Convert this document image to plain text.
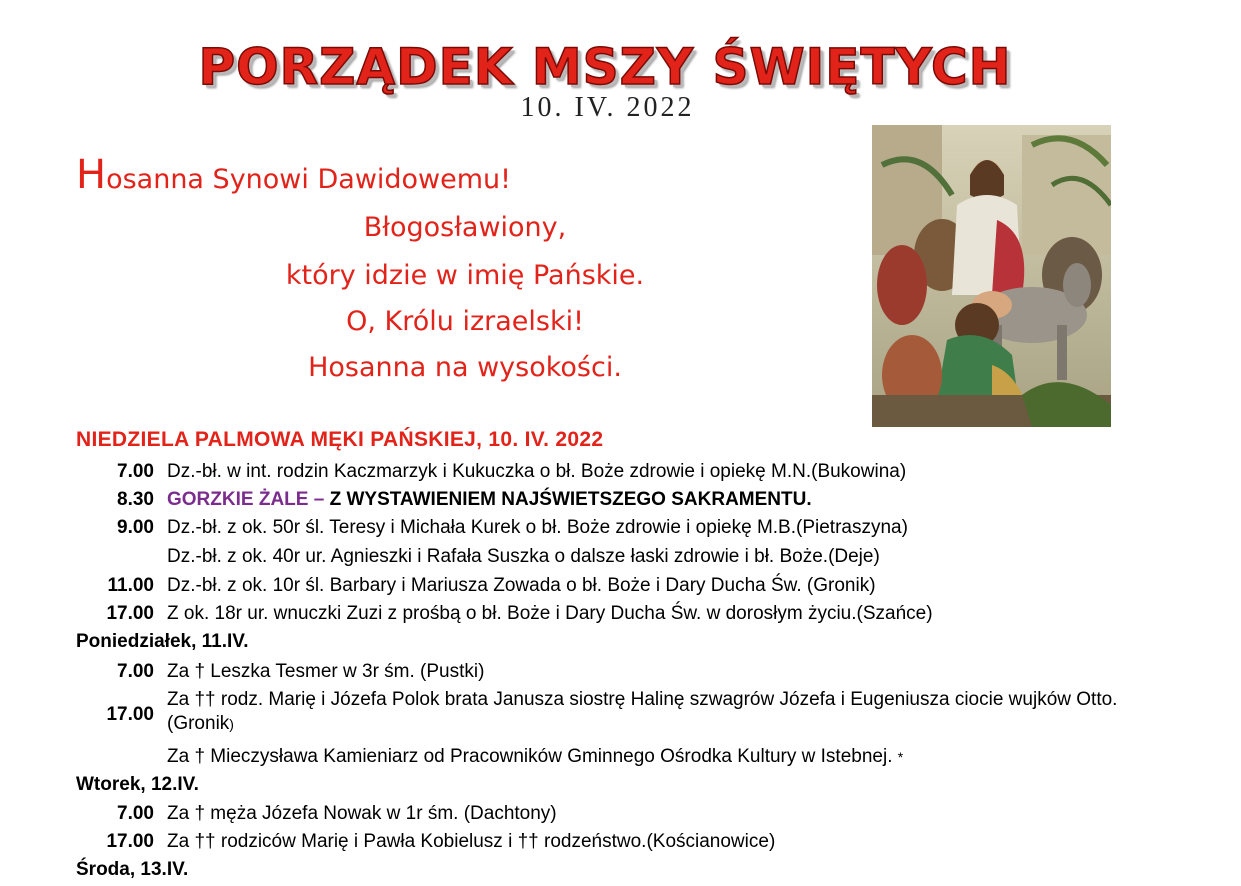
PORZĄDEK MSZY ŚWIĘTYCH
10. IV. 2022
Hosanna Synowi Dawidowemu!
Błogosławiony,
który idzie w imię Pańskie.
O, Królu izraelski!
Hosanna na wysokości.
NIEDZIELA PALMOWA MĘKI PAŃSKIEJ, 10. IV. 2022
7.00 Dz.-bł. w int. rodzin Kaczmarzyk i Kukuczka o bł. Boże zdrowie i opiekę M.N.(Bukowina)
8.30 GORZKIE ŻALE – Z WYSTAWIENIEM NAJŚWIETSZEGO SAKRAMENTU.
9.00 Dz.-bł. z ok. 50r śl. Teresy i Michała Kurek o bł. Boże zdrowie i opiekę M.B.(Pietraszyna)
Dz.-bł. z ok. 40r ur. Agnieszki i Rafała Suszka o dalsze łaski zdrowie i bł. Boże.(Deje)
11.00 Dz.-bł. z ok. 10r śl. Barbary i Mariusza Zowada o bł. Boże i Dary Ducha Św. (Gronik)
17.00 Z ok. 18r ur. wnuczki Zuzi z prośbą o bł. Boże i Dary Ducha Św. w dorosłym życiu.(Szańce)
Poniedziałek, 11.IV.
7.00 Za † Leszka Tesmer w 3r śm. (Pustki)
17.00
Za †† rodz. Marię i Józefa Polok brata Janusza siostrę Halinę szwagrów Józefa i Eugeniusza ciocie wujków Otto. (Gronik)
Za † Mieczysława Kamieniarz od Pracowników Gminnego Ośrodka Kultury w Istebnej. *
Wtorek, 12.IV.
7.00 Za † męża Józefa Nowak w 1r śm. (Dachtony)
17.00 Za †† rodziców Marię i Pawła Kobielusz i †† rodzeństwo.(Kościanowice)
Środa, 13.IV.
